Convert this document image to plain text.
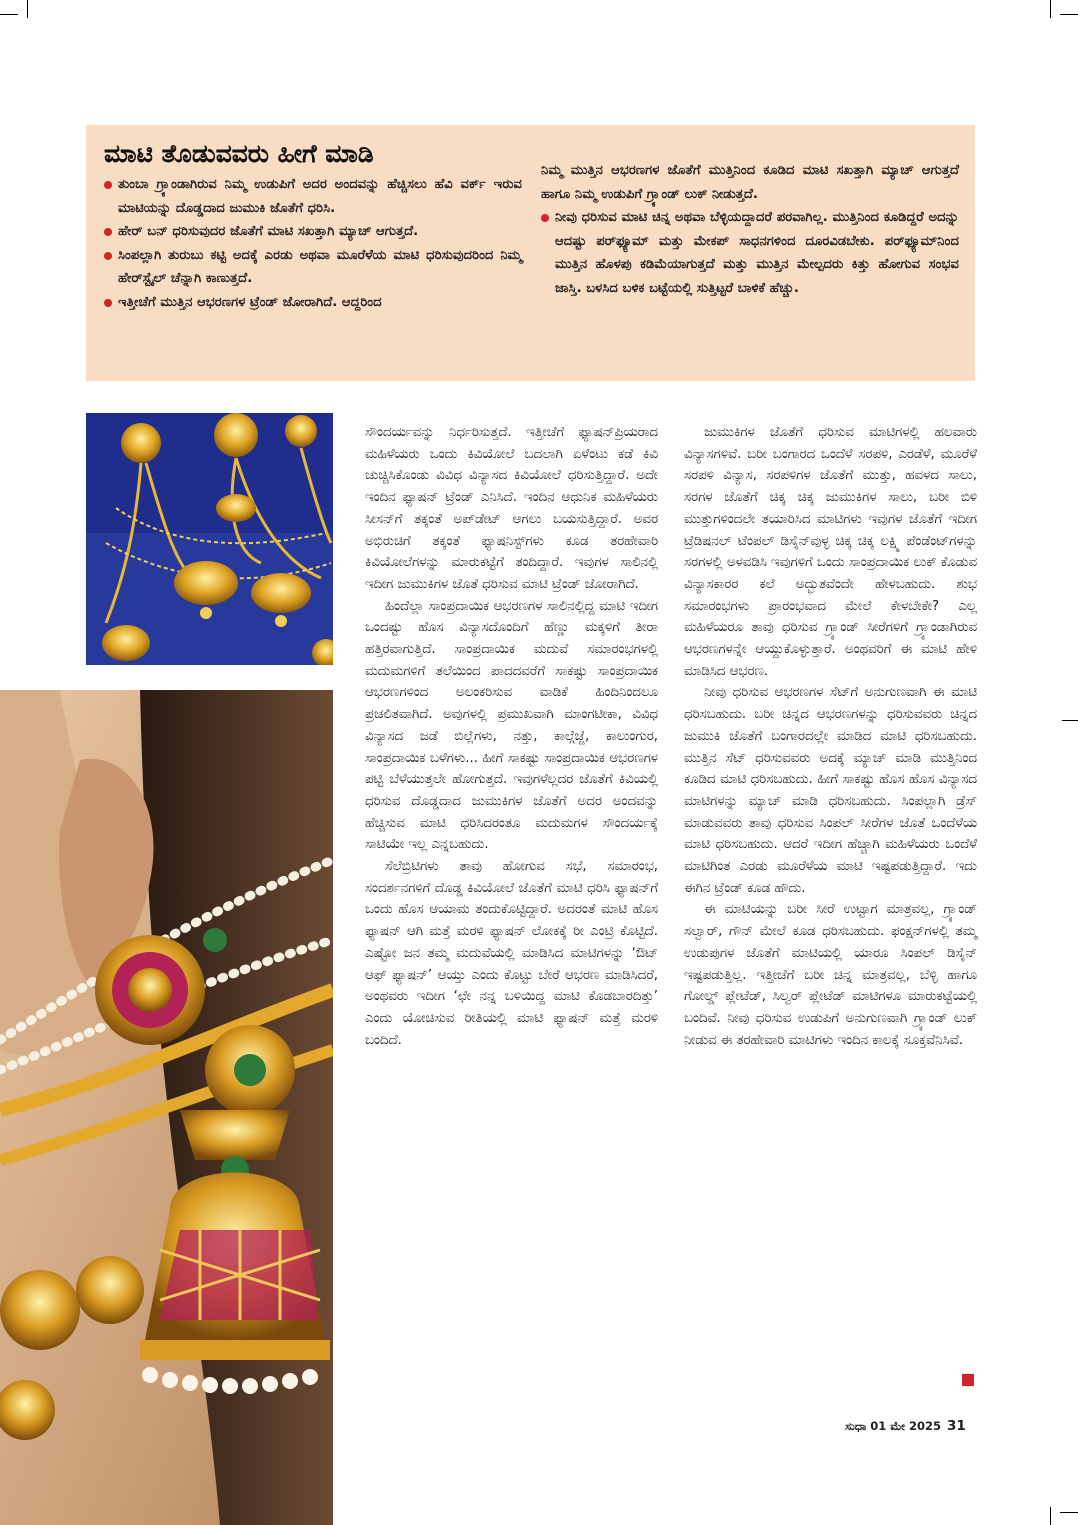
ಮಾಟಿ ತೊಡುವವರು ಹೀಗೆ ಮಾಡಿ
ತುಂಬಾ ಗ್ರ್ಯಾಂಡಾಗಿರುವ ನಿಮ್ಮ ಉಡುಪಿಗೆ ಅದರ ಅಂದವನ್ನು ಹೆಚ್ಚಿಸಲು ಹೆವಿ ವರ್ಕ್ ಇರುವ ಮಾಟಿಯನ್ನು ದೊಡ್ಡದಾದ ಜುಮುಕಿ ಜೊತೆಗೆ ಧರಿಸಿ.
ಹೇರ್ ಬನ್ ಧರಿಸುವುದರ ಜೊತೆಗೆ ಮಾಟಿ ಸಖತ್ತಾಗಿ ಮ್ಯಾಚ್ ಆಗುತ್ತದೆ.
ಸಿಂಪಲ್ಲಾಗಿ ತುರುಬು ಕಟ್ಟಿ ಅದಕ್ಕೆ ಎರಡು ಅಥವಾ ಮೂರೆಳೆಯ ಮಾಟಿ ಧರಿಸುವುದರಿಂದ ನಿಮ್ಮ ಹೇರ್‌ಸ್ಟೈಲ್ ಚೆನ್ನಾಗಿ ಕಾಣುತ್ತದೆ.
ಇತ್ತೀಚೆಗೆ ಮುತ್ತಿನ ಆಭರಣಗಳ ಟ್ರೆಂಡ್ ಜೋರಾಗಿದೆ. ಆದ್ದರಿಂದ
ನಿಮ್ಮ ಮುತ್ತಿನ ಆಭರಣಗಳ ಜೊತೆಗೆ ಮುತ್ತಿನಿಂದ ಕೂಡಿದ ಮಾಟಿ ಸಖತ್ತಾಗಿ ಮ್ಯಾಚ್ ಆಗುತ್ತದೆ ಹಾಗೂ ನಿಮ್ಮ ಉಡುಪಿಗೆ ಗ್ರ್ಯಾಂಡ್ ಲುಕ್ ನೀಡುತ್ತದೆ.
ನೀವು ಧರಿಸುವ ಮಾಟಿ ಚಿನ್ನ ಅಥವಾ ಬೆಳ್ಳಿಯದ್ದಾದರೆ ಪರವಾಗಿಲ್ಲ. ಮುತ್ತಿನಿಂದ ಕೂಡಿದ್ದರೆ ಅದನ್ನು ಆದಷ್ಟು ಪರ್‌ಫ್ಯೂಮ್ ಮತ್ತು ಮೇಕಪ್ ಸಾಧನಗಳಿಂದ ದೂರವಿಡಬೇಕು. ಪರ್‌ಫ್ಯೂಮ್‌ನಿಂದ ಮುತ್ತಿನ ಹೊಳಪು ಕಡಿಮೆಯಾಗುತ್ತದೆ ಮತ್ತು ಮುತ್ತಿನ ಮೇಲ್ಪದರು ಕಿತ್ತು ಹೋಗುವ ಸಂಭವ ಜಾಸ್ತಿ. ಬಳಸಿದ ಬಳಿಕ ಬಟ್ಟೆಯಲ್ಲಿ ಸುತ್ತಿಟ್ಟರೆ ಬಾಳಿಕೆ ಹೆಚ್ಚು.

ಸೌಂದರ್ಯವನ್ನು ನಿರ್ಧರಿಸುತ್ತದೆ. ಇತ್ತೀಚೆಗೆ ಫ್ಯಾಷನ್‌ಪ್ರಿಯರಾದ ಮಹಿಳೆಯರು ಒಂದು ಕಿವಿಯೋಲೆ ಬದಲಾಗಿ ಏಳೆಂಟು ಕಡೆ ಕಿವಿ ಚುಚ್ಚಿಸಿಕೊಂಡು ವಿವಿಧ ವಿನ್ಯಾಸದ ಕಿವಿಯೋಲೆ ಧರಿಸುತ್ತಿದ್ದಾರೆ. ಅದೇ ಇಂದಿನ ಫ್ಯಾಷನ್ ಟ್ರೆಂಡ್ ಎನಿಸಿದೆ. ಇಂದಿನ ಆಧುನಿಕ ಮಹಿಳೆಯರು ಸೀಸನ್‌ಗೆ ತಕ್ಕಂತೆ ಅಪ್‌ಡೇಟ್ ಆಗಲು ಬಯಸುತ್ತಿದ್ದಾರೆ. ಅವರ ಅಭಿರುಚಿಗೆ ತಕ್ಕಂತೆ ಫ್ಯಾಷನಿಸ್ಟ್‌ಗಳು ಕೂಡ ತರಹೇವಾರಿ ಕಿವಿಯೋಲೆಗಳನ್ನು ಮಾರುಕಟ್ಟೆಗೆ ತಂದಿದ್ದಾರೆ. ಇವುಗಳ ಸಾಲಿನಲ್ಲಿ ಇದೀಗ ಜುಮುಕಿಗಳ ಜೊತೆ ಧರಿಸುವ ಮಾಟಿ ಟ್ರೆಂಡ್ ಜೋರಾಗಿದೆ.

ಹಿಂದೆಲ್ಲಾ ಸಾಂಪ್ರದಾಯಿಕ ಆಭರಣಗಳ ಸಾಲಿನಲ್ಲಿದ್ದ ಮಾಟಿ ಇದೀಗ ಒಂದಷ್ಟು ಹೊಸ ವಿನ್ಯಾಸದೊಂದಿಗೆ ಹೆಣ್ಣು ಮಕ್ಕಳಿಗೆ ತೀರಾ ಹತ್ತಿರವಾಗುತ್ತಿದೆ. ಸಾಂಪ್ರದಾಯಿಕ ಮದುವೆ ಸಮಾರಂಭಗಳಲ್ಲಿ ಮದುಮಗಳಿಗೆ ತಲೆಯಿಂದ ಪಾದದವರೆಗೆ ಸಾಕಷ್ಟು ಸಾಂಪ್ರದಾಯಿಕ ಆಭರಣಗಳಿಂದ ಅಲಂಕರಿಸುವ ವಾಡಿಕೆ ಹಿಂದಿನಿಂದಲೂ ಪ್ರಚಲಿತವಾಗಿದೆ. ಅವುಗಳಲ್ಲಿ ಪ್ರಮುಖವಾಗಿ ಮಾಂಗಟೀಕಾ, ವಿವಿಧ ವಿನ್ಯಾಸದ ಜಡೆ ಬಿಲ್ಲೆಗಳು, ನತ್ತು, ಕಾಲ್ಗೆಜ್ಜೆ, ಕಾಲುಂಗುರ, ಸಾಂಪ್ರದಾಯಿಕ ಬಳೆಗಳು... ಹೀಗೆ ಸಾಕಷ್ಟು ಸಾಂಪ್ರದಾಯಿಕ ಆಭರಣಗಳ ಪಟ್ಟಿ ಬೆಳೆಯುತ್ತಲೇ ಹೋಗುತ್ತದೆ. ಇವುಗಳೆಲ್ಲದರ ಜೊತೆಗೆ ಕಿವಿಯಲ್ಲಿ ಧರಿಸುವ ದೊಡ್ಡದಾದ ಜುಮುಕಿಗಳ ಜೊತೆಗೆ ಅದರ ಅಂದವನ್ನು ಹೆಚ್ಚಿಸುವ ಮಾಟಿ ಧರಿಸಿದರಂತೂ ಮದುಮಗಳ ಸೌಂದರ್ಯಕ್ಕೆ ಸಾಟಿಯೇ ಇಲ್ಲ ಎನ್ನಬಹುದು.

ಸೆಲೆಬ್ರಿಟಿಗಳು ತಾವು ಹೋಗುವ ಸಭೆ, ಸಮಾರಂಭ, ಸಂದರ್ಶನಗಳಿಗೆ ದೊಡ್ಡ ಕಿವಿಯೋಲೆ ಜೊತೆಗೆ ಮಾಟಿ ಧರಿಸಿ ಫ್ಯಾಷನ್‌ಗೆ ಒಂದು ಹೊಸ ಆಯಾಮ ತಂದುಕೊಟ್ಟಿದ್ದಾರೆ. ಅದರಂತೆ ಮಾಟಿ ಹೊಸ ಫ್ಯಾಷನ್ ಆಗಿ ಮತ್ತೆ ಮರಳಿ ಫ್ಯಾಷನ್ ಲೋಕಕ್ಕೆ ರೀ ಎಂಟ್ರಿ ಕೊಟ್ಟಿದೆ. ಎಷ್ಟೋ ಜನ ತಮ್ಮ ಮದುವೆಯಲ್ಲಿ ಮಾಡಿಸಿದ ಮಾಟಿಗಳನ್ನು ‘ಔಟ್ ಆಫ್ ಫ್ಯಾಷನ್’ ಆಯ್ತು ಎಂದು ಕೊಟ್ಟು ಬೇರೆ ಆಭರಣ ಮಾಡಿಸಿದರೆ, ಅಂಥವರು ಇದೀಗ ‘ಛೇ ನನ್ನ ಬಳಿಯಿದ್ದ ಮಾಟಿ ಕೊಡಬಾರದಿತ್ತು’ ಎಂದು ಯೋಚಿಸುವ ರೀತಿಯಲ್ಲಿ ಮಾಟಿ ಫ್ಯಾಷನ್ ಮತ್ತೆ ಮರಳಿ ಬಂದಿದೆ.

ಜುಮುಕಿಗಳ ಜೊತೆಗೆ ಧರಿಸುವ ಮಾಟಿಗಳಲ್ಲಿ ಹಲವಾರು ವಿನ್ಯಾಸಗಳಿವೆ. ಬರೀ ಬಂಗಾರದ ಒಂದೆಳೆ ಸರಪಳಿ, ಎರಡೆಳೆ, ಮೂರೆಳೆ ಸರಪಳಿ ವಿನ್ಯಾಸ, ಸರಪಳಿಗಳ ಜೊತೆಗೆ ಮುತ್ತು, ಹವಳದ ಸಾಲು, ಸರಗಳ ಜೊತೆಗೆ ಚಿಕ್ಕ ಚಿಕ್ಕ ಜುಮುಕಿಗಳ ಸಾಲು, ಬರೀ ಬಿಳಿ ಮುತ್ತುಗಳಿಂದಲೇ ತಯಾರಿಸಿದ ಮಾಟಿಗಳು ಇವುಗಳ ಜೊತೆಗೆ ಇದೀಗ ಟ್ರೆಡಿಷನಲ್ ಟೆಂಪಲ್ ಡಿಸೈನ್‌ವುಳ್ಳ ಚಿಕ್ಕ ಚಿಕ್ಕ ಲಕ್ಷ್ಮಿ ಪೆಂಡೆಂಟ್‌ಗಳನ್ನು ಸರಗಳಲ್ಲಿ ಅಳವಡಿಸಿ ಇವುಗಳಿಗೆ ಒಂದು ಸಾಂಪ್ರದಾಯಿಕ ಲುಕ್ ಕೊಡುವ ವಿನ್ಯಾಸಕಾರರ ಕಲೆ ಅದ್ಭುತವೆಂದೇ ಹೇಳಬಹುದು. ಶುಭ ಸಮಾರಂಭಗಳು ಪ್ರಾರಂಭವಾದ ಮೇಲೆ ಕೇಳಬೇಕೇ? ಎಲ್ಲ ಮಹಿಳೆಯರೂ ತಾವು ಧರಿಸುವ ಗ್ರ್ಯಾಂಡ್ ಸೀರೆಗಳಿಗೆ ಗ್ರ್ಯಾಂಡಾಗಿರುವ ಆಭರಣಗಳನ್ನೇ ಆಯ್ದುಕೊಳ್ಳುತ್ತಾರೆ. ಅಂಥವರಿಗೆ ಈ ಮಾಟಿ ಹೇಳಿ ಮಾಡಿಸಿದ ಆಭರಣ.

ನೀವು ಧರಿಸುವ ಆಭರಣಗಳ ಸೆಟ್‌ಗೆ ಅನುಗುಣವಾಗಿ ಈ ಮಾಟಿ ಧರಿಸಬಹುದು. ಬರೀ ಚಿನ್ನದ ಆಭರಣಗಳನ್ನು ಧರಿಸುವವರು ಚಿನ್ನದ ಜುಮುಕಿ ಜೊತೆಗೆ ಬಂಗಾರದಲ್ಲೇ ಮಾಡಿದ ಮಾಟಿ ಧರಿಸಬಹುದು. ಮುತ್ತಿನ ಸೆಟ್ ಧರಿಸುವವರು ಅದಕ್ಕೆ ಮ್ಯಾಚ್ ಮಾಡಿ ಮುತ್ತಿನಿಂದ ಕೂಡಿದ ಮಾಟಿ ಧರಿಸಬಹುದು. ಹೀಗೆ ಸಾಕಷ್ಟು ಹೊಸ ಹೊಸ ವಿನ್ಯಾಸದ ಮಾಟಿಗಳನ್ನು ಮ್ಯಾಚ್ ಮಾಡಿ ಧರಿಸಬಹುದು. ಸಿಂಪಲ್ಲಾಗಿ ಡ್ರೆಸ್ ಮಾಡುವವರು ತಾವು ಧರಿಸುವ ಸಿಂಪಲ್ ಸೀರೆಗಳ ಜೊತೆ ಒಂದೆಳೆಯ ಮಾಟಿ ಧರಿಸಬಹುದು. ಆದರೆ ಇದೀಗ ಹೆಚ್ಚಾಗಿ ಮಹಿಳೆಯರು ಒಂದೆಳೆ ಮಾಟಿಗಿಂತ ಎರಡು ಮೂರೆಳೆಯ ಮಾಟಿ ಇಷ್ಟಪಡುತ್ತಿದ್ದಾರೆ. ಇದು ಈಗಿನ ಟ್ರೆಂಡ್ ಕೂಡ ಹೌದು.

ಈ ಮಾಟಿಯನ್ನು ಬರೀ ಸೀರೆ ಉಟ್ಟಾಗ ಮಾತ್ರವಲ್ಲ, ಗ್ರ್ಯಾಂಡ್ ಸಲ್ವಾರ್, ಗೌನ್ ಮೇಲೆ ಕೂಡ ಧರಿಸಬಹುದು. ಫಂಕ್ಷನ್‌ಗಳಲ್ಲಿ ತಮ್ಮ ಉಡುಪುಗಳ ಜೊತೆಗೆ ಮಾಟಿಯಲ್ಲಿ ಯಾರೂ ಸಿಂಪಲ್ ಡಿಸೈನ್ ಇಷ್ಟಪಡುತ್ತಿಲ್ಲ. ಇತ್ತೀಚೆಗೆ ಬರೀ ಚಿನ್ನ ಮಾತ್ರವಲ್ಲ, ಬೆಳ್ಳಿ ಹಾಗೂ ಗೋಲ್ಡ್ ಪ್ಲೇಟೆಡ್, ಸಿಲ್ವರ್ ಪ್ಲೇಟೆಡ್ ಮಾಟಿಗಳೂ ಮಾರುಕಟ್ಟೆಯಲ್ಲಿ ಬಂದಿವೆ. ನೀವು ಧರಿಸುವ ಉಡುಪಿಗೆ ಅನುಗುಣವಾಗಿ ಗ್ರ್ಯಾಂಡ್ ಲುಕ್ ನೀಡುವ ಈ ತರಹೇವಾರಿ ಮಾಟಿಗಳು ಇಂದಿನ ಕಾಲಕ್ಕೆ ಸೂಕ್ತವೆನಿಸಿವೆ.

ಸುಧಾ 01 ಮೇ 2025 31
